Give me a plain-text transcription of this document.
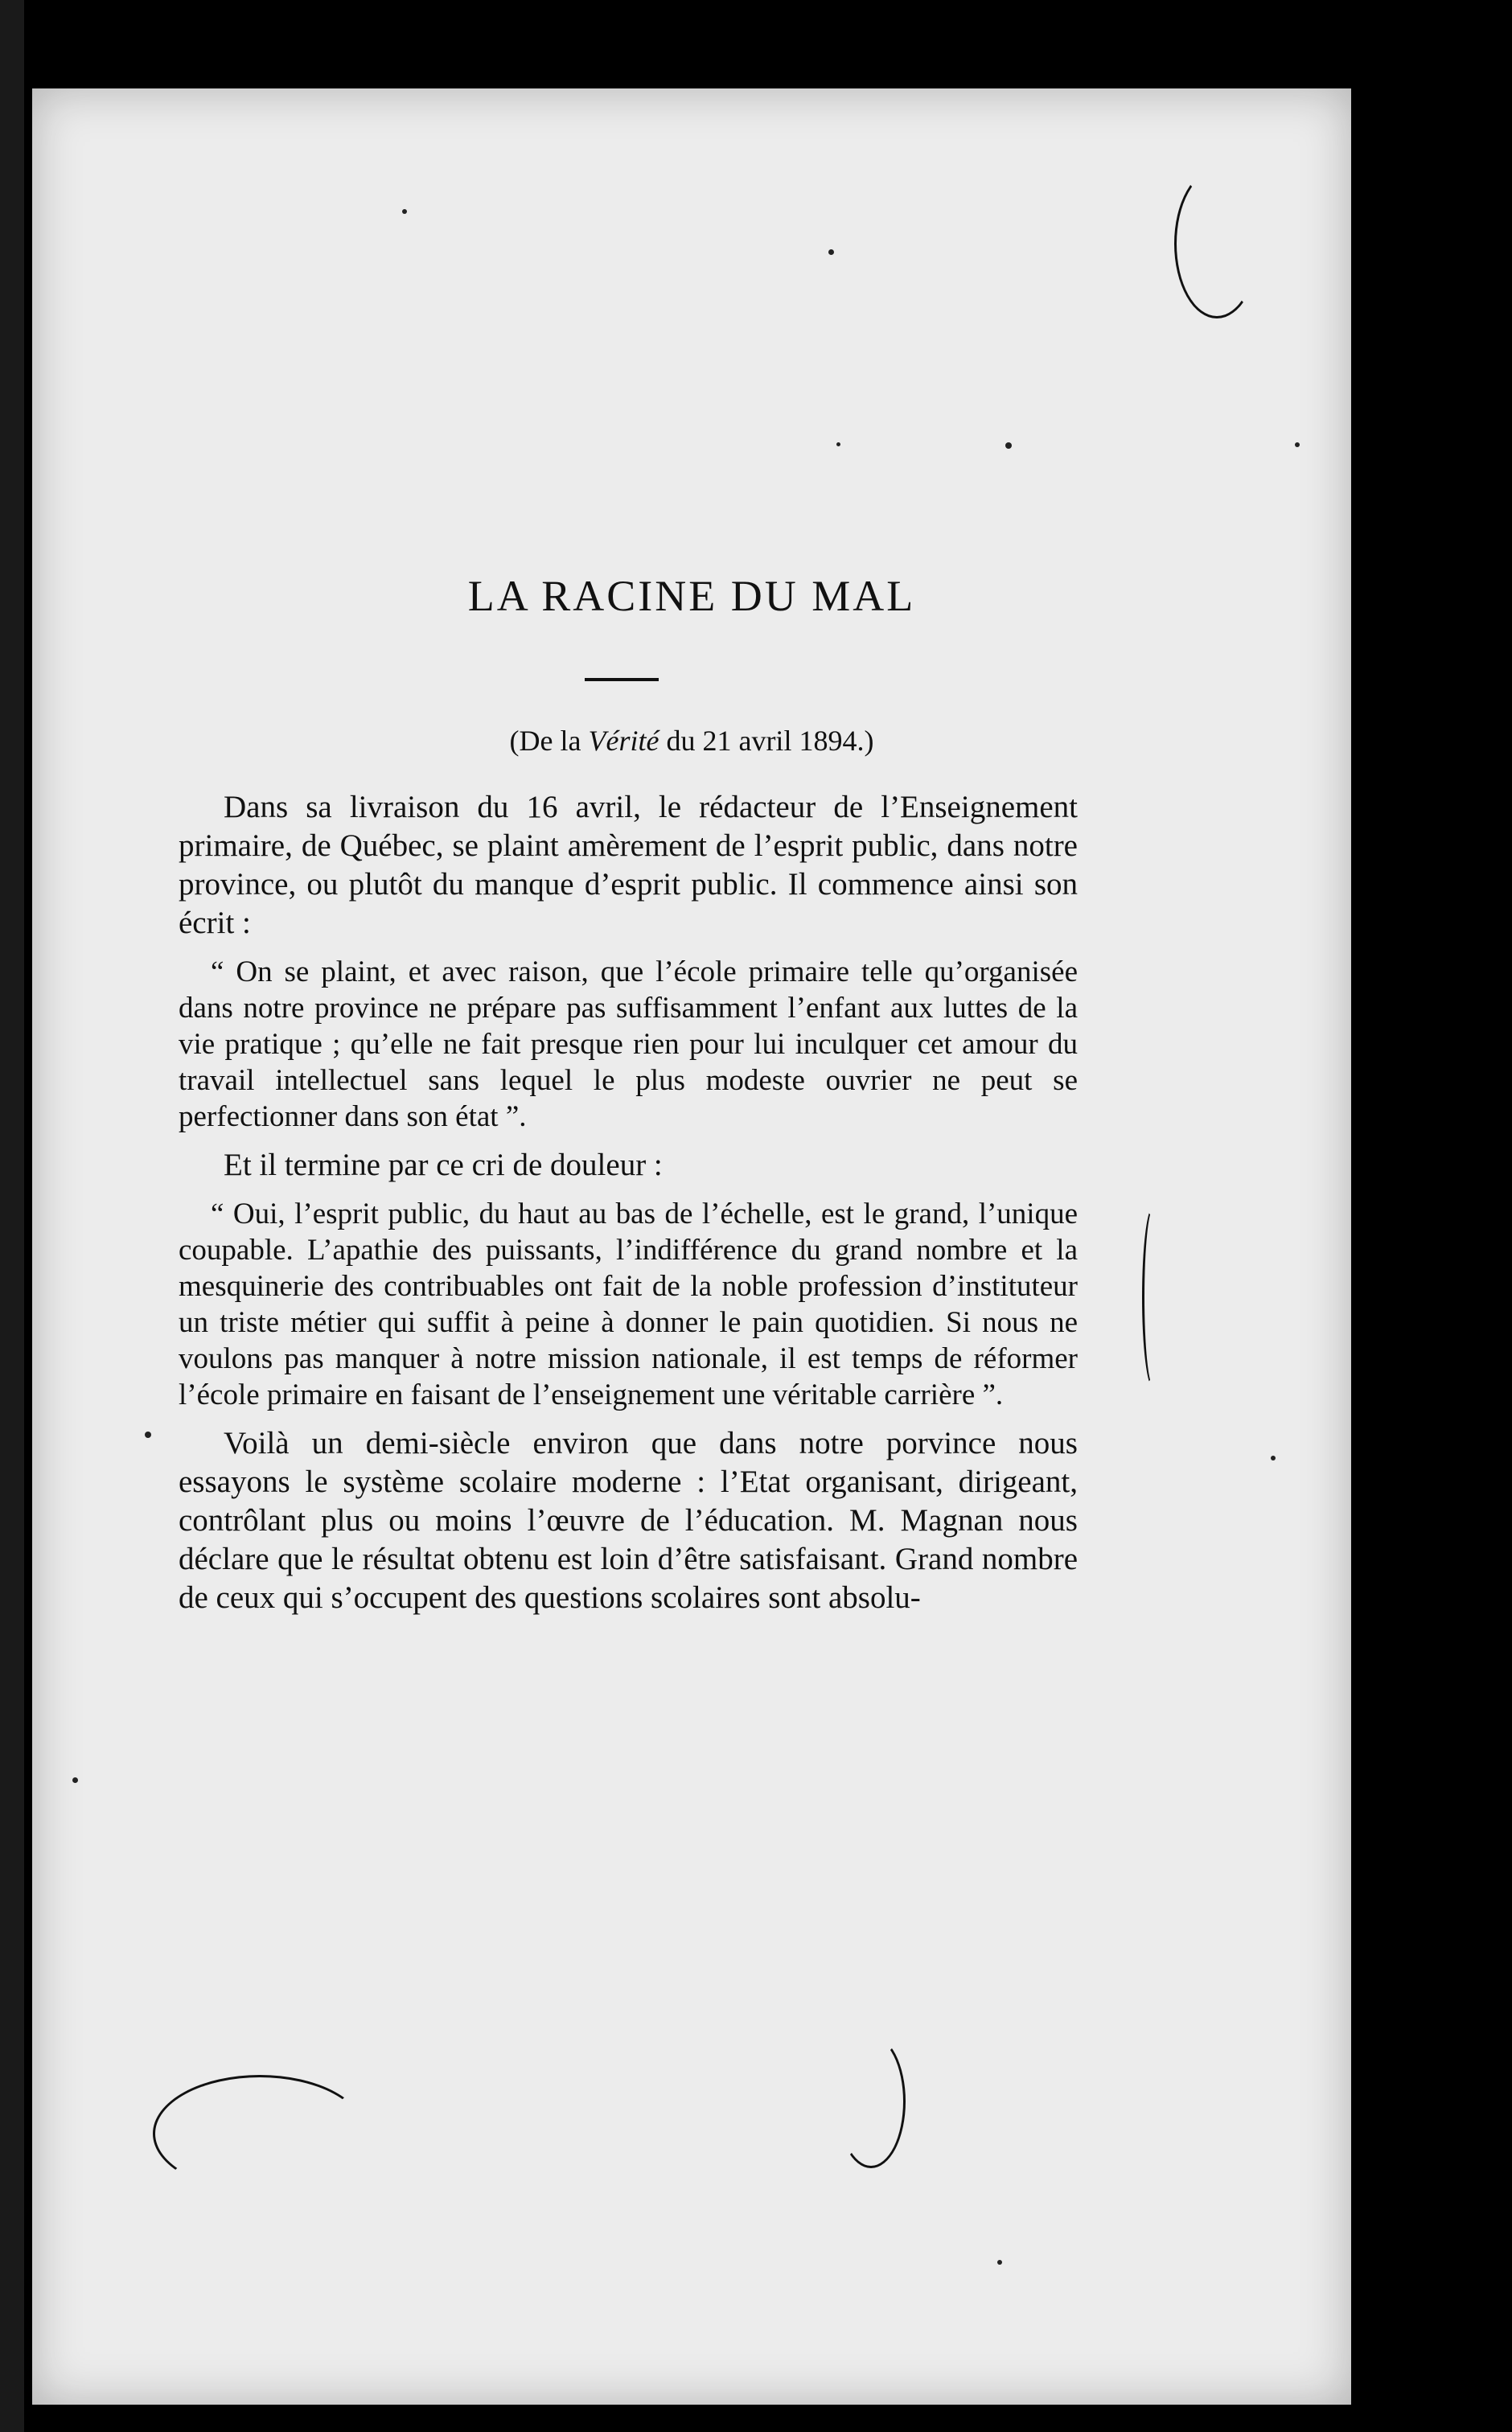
LA RACINE DU MAL
(De la Vérité du 21 avril 1894.)

Dans sa livraison du 16 avril, le rédacteur de l’Enseignement primaire, de Québec, se plaint amèrement de l’esprit public, dans notre province, ou plutôt du manque d’esprit public. Il commence ainsi son écrit :

“ On se plaint, et avec raison, que l’école primaire telle qu’organisée dans notre province ne prépare pas suffisamment l’enfant aux luttes de la vie pratique ; qu’elle ne fait presque rien pour lui inculquer cet amour du travail intellectuel sans lequel le plus modeste ouvrier ne peut se perfectionner dans son état ”.

Et il termine par ce cri de douleur :

“ Oui, l’esprit public, du haut au bas de l’échelle, est le grand, l’unique coupable. L’apathie des puissants, l’indifférence du grand nombre et la mesquinerie des contribuables ont fait de la noble profession d’instituteur un triste métier qui suffit à peine à donner le pain quotidien. Si nous ne voulons pas manquer à notre mission nationale, il est temps de réformer l’école primaire en faisant de l’enseignement une véritable carrière ”.

Voilà un demi-siècle environ que dans notre porvince nous essayons le système scolaire moderne : l’Etat organisant, dirigeant, contrôlant plus ou moins l’œuvre de l’éducation. M. Magnan nous déclare que le résultat obtenu est loin d’être satisfaisant. Grand nombre de ceux qui s’occupent des questions scolaires sont absolu-
